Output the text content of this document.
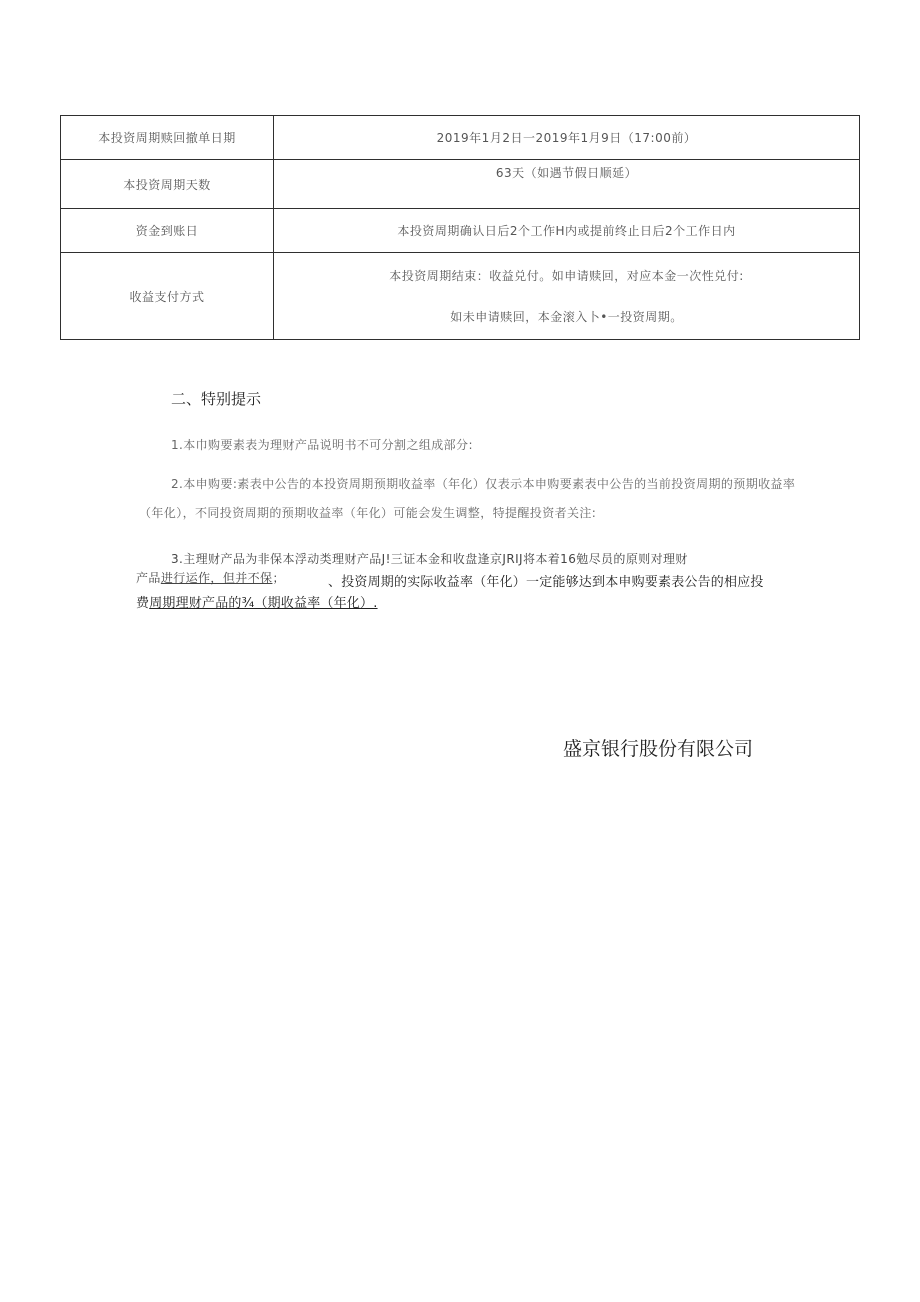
本投资周期赎回撤单日期	2019年1月2日一2019年1月9日（17:00前）
本投资周期天数	63天（如遇节假日顺延）
资金到账日	本投资周期确认日后2个工作H内或提前终止日后2个工作日内
收益支付方式	本投资周期结束：收益兑付。如申请赎回，对应本金一次性兑付:
如未申请赎回，本金滚入卜•一投资周期。
二、特别提示
1.本巾购要素表为理财产品说明书不可分割之组成部分:
2.本申购要:素表中公告的本投资周期预期收益率（年化）仅表示本申购要素表中公告的当前投资周期的预期收益率
（年化），不同投资周期的预期收益率（年化）可能会发生调整，特提醒投资者关注:
3.主理财产品为非保本浮动类理财产品J!三证本金和收盘逢京JRIJ将本着16勉尽员的原则对理财
产品进行运作，但并不保；	、投资周期的实际收益率（年化）一定能够达到本申购要素表公告的相应投
费周期理财产品的¾（期收益率（年化）.
盛京银行股份有限公司
